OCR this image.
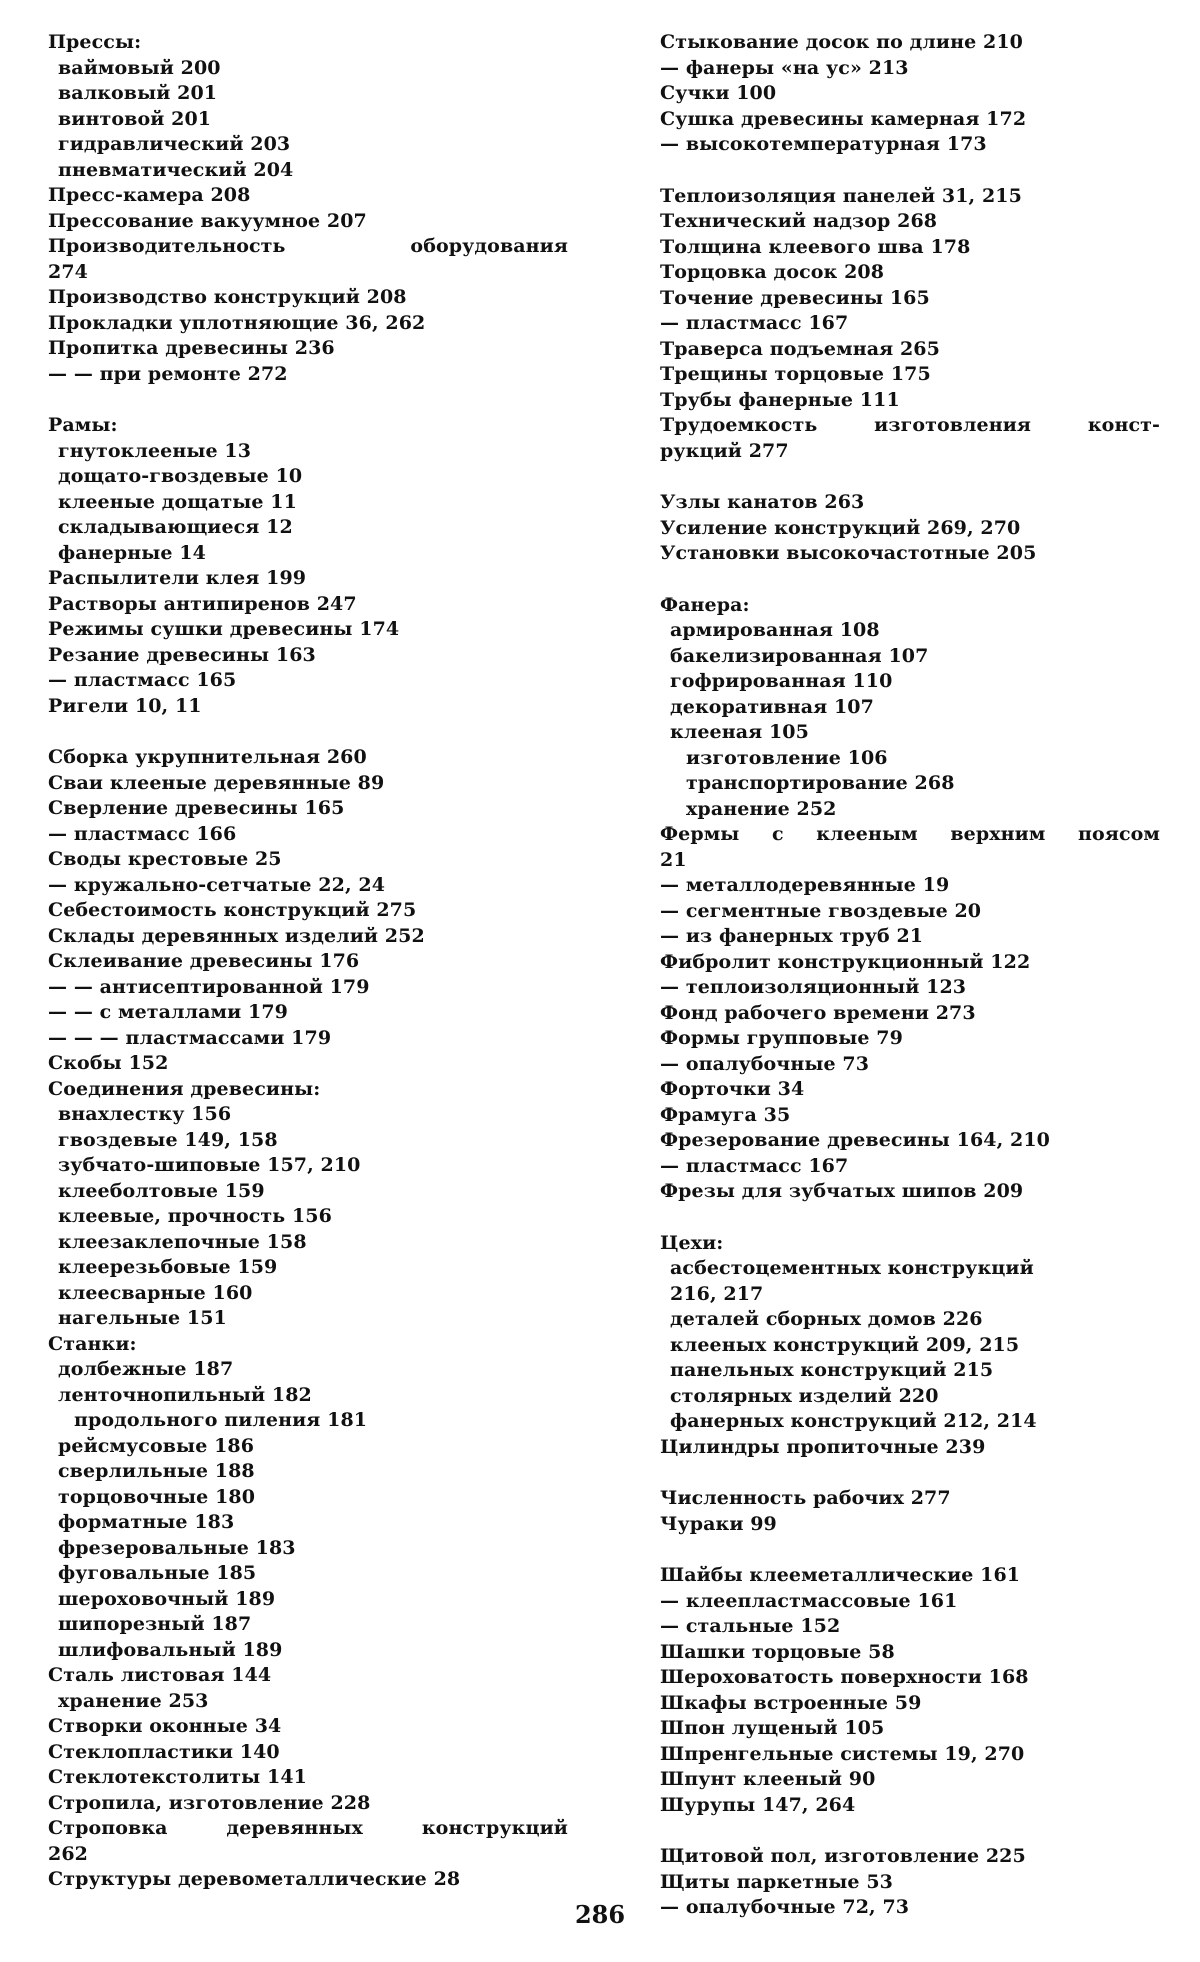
Прессы:
ваймовый 200
валковый 201
винтовой 201
гидравлический 203
пневматический 204
Пресс-камера 208
Прессование вакуумное 207
Производительность оборудования
274
Производство конструкций 208
Прокладки уплотняющие 36, 262
Пропитка древесины 236
— — при ремонте 272
Рамы:
гнутоклееные 13
дощато-гвоздевые 10
клееные дощатые 11
складывающиеся 12
фанерные 14
Распылители клея 199
Растворы антипиренов 247
Режимы сушки древесины 174
Резание древесины 163
— пластмасс 165
Ригели 10, 11
Сборка укрупнительная 260
Сваи клееные деревянные 89
Сверление древесины 165
— пластмасс 166
Своды крестовые 25
— кружально-сетчатые 22, 24
Себестоимость конструкций 275
Склады деревянных изделий 252
Склеивание древесины 176
— — антисептированной 179
— — с металлами 179
— — — пластмассами 179
Скобы 152
Соединения древесины:
внахлестку 156
гвоздевые 149, 158
зубчато-шиповые 157, 210
клееболтовые 159
клеевые, прочность 156
клеезаклепочные 158
клеерезьбовые 159
клеесварные 160
нагельные 151
Станки:
долбежные 187
ленточнопильный 182
продольного пиления 181
рейсмусовые 186
сверлильные 188
торцовочные 180
форматные 183
фрезеровальные 183
фуговальные 185
шероховочный 189
шипорезный 187
шлифовальный 189
Сталь листовая 144
хранение 253
Створки оконные 34
Стеклопластики 140
Стеклотекстолиты 141
Стропила, изготовление 228
Строповка деревянных конструкций
262
Структуры деревометаллические 28
Стыкование досок по длине 210
— фанеры «на ус» 213
Сучки 100
Сушка древесины камерная 172
— высокотемпературная 173
Теплоизоляция панелей 31, 215
Технический надзор 268
Толщина клеевого шва 178
Торцовка досок 208
Точение древесины 165
— пластмасс 167
Траверса подъемная 265
Трещины торцовые 175
Трубы фанерные 111
Трудоемкость изготовления конст-
рукций 277
Узлы канатов 263
Усиление конструкций 269, 270
Установки высокочастотные 205
Фанера:
армированная 108
бакелизированная 107
гофрированная 110
декоративная 107
клееная 105
изготовление 106
транспортирование 268
хранение 252
Фермы с клееным верхним поясом
21
— металлодеревянные 19
— сегментные гвоздевые 20
— из фанерных труб 21
Фибролит конструкционный 122
— теплоизоляционный 123
Фонд рабочего времени 273
Формы групповые 79
— опалубочные 73
Форточки 34
Фрамуга 35
Фрезерование древесины 164, 210
— пластмасс 167
Фрезы для зубчатых шипов 209
Цехи:
асбестоцементных конструкций
216, 217
деталей сборных домов 226
клееных конструкций 209, 215
панельных конструкций 215
столярных изделий 220
фанерных конструкций 212, 214
Цилиндры пропиточные 239
Численность рабочих 277
Чураки 99
Шайбы клееметаллические 161
— клеепластмассовые 161
— стальные 152
Шашки торцовые 58
Шероховатость поверхности 168
Шкафы встроенные 59
Шпон лущеный 105
Шпренгельные системы 19, 270
Шпунт клееный 90
Шурупы 147, 264
Щитовой пол, изготовление 225
Щиты паркетные 53
— опалубочные 72, 73
286
